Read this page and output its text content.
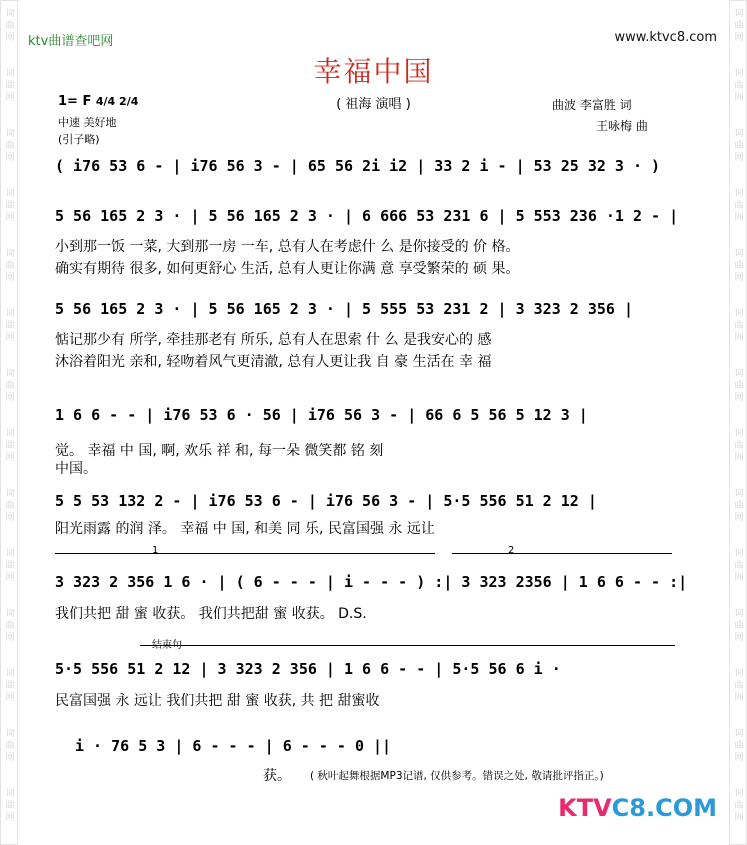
词
曲
网
词
曲
网
词
曲
网
词
曲
网
词
曲
网
词
曲
网
词
曲
网
词
曲
网
词
曲
网
词
曲
网
词
曲
网
词
曲
网
词
曲
网
词
曲
网
词
曲
网
词
曲
网
词
曲
网
词
曲
网
词
曲
网
词
曲
网
词
曲
网
词
曲
网
词
曲
网
词
曲
网
词
曲
网
词
曲
网
词
曲
网
词
曲
网
ktv曲谱查吧网	www.ktvc8.com
幸福中国
( 祖海 演唱 )
1= F 4/4 2/4
中速 美好地
(引子略)
曲波 李富胜 词
王咏梅 曲
( i76 53 6 - | i76 56 3 - | 65 56 2i i2 | 33 2 i - | 53 25 32 3 · )
5 56 165 2 3 · | 5 56 165 2 3 · | 6 666 53 231 6 | 5 553 236 ·1 2 - |
小到那一饭 一菜, 大到那一房 一车, 总有人在考虑什 么 是你接受的 价 格。
确实有期待 很多, 如何更舒心 生活, 总有人更让你满 意 享受繁荣的 硕 果。
5 56 165 2 3 · | 5 56 165 2 3 · | 5 555 53 231 2 | 3 323 2 356 |
惦记那少有 所学, 牵挂那老有 所乐, 总有人在思索 什 么 是我安心的 感
沐浴着阳光 亲和, 轻吻着风气更清澈, 总有人更让我 自 豪 生活在 幸 福
1 6 6 - - | i76 53 6 · 56 | i76 56 3 - | 66 6 5 56 5 12 3 |
觉。 幸福 中 国, 啊, 欢乐 祥 和, 每一朵 微笑都 铭 刻
中国。
5 5 53 132 2 - | i76 53 6 - | i76 56 3 - | 5·5 556 51 2 12 |
阳光雨露 的润 泽。 幸福 中 国, 和美 同 乐, 民富国强 永 远让
1	2
3 323 2 356 1 6 · | ( 6 - - - | i - - - ) :| 3 323 2356 | 1 6 6 - - :|
我们共把 甜 蜜 收获。 我们共把甜 蜜 收获。 D.S.
结束句
5·5 556 51 2 12 | 3 323 2 356 | 1 6 6 - - | 5·5 56 6 i ·
民富国强 永 远让 我们共把 甜 蜜 收获, 共 把 甜蜜收
i · 76 5 3 | 6 - - - | 6 - - - 0 ||
获。 ( 秋叶起舞根据MP3记谱, 仅供参考。错误之处, 敬请批评指正。)
KTVC8.COM
